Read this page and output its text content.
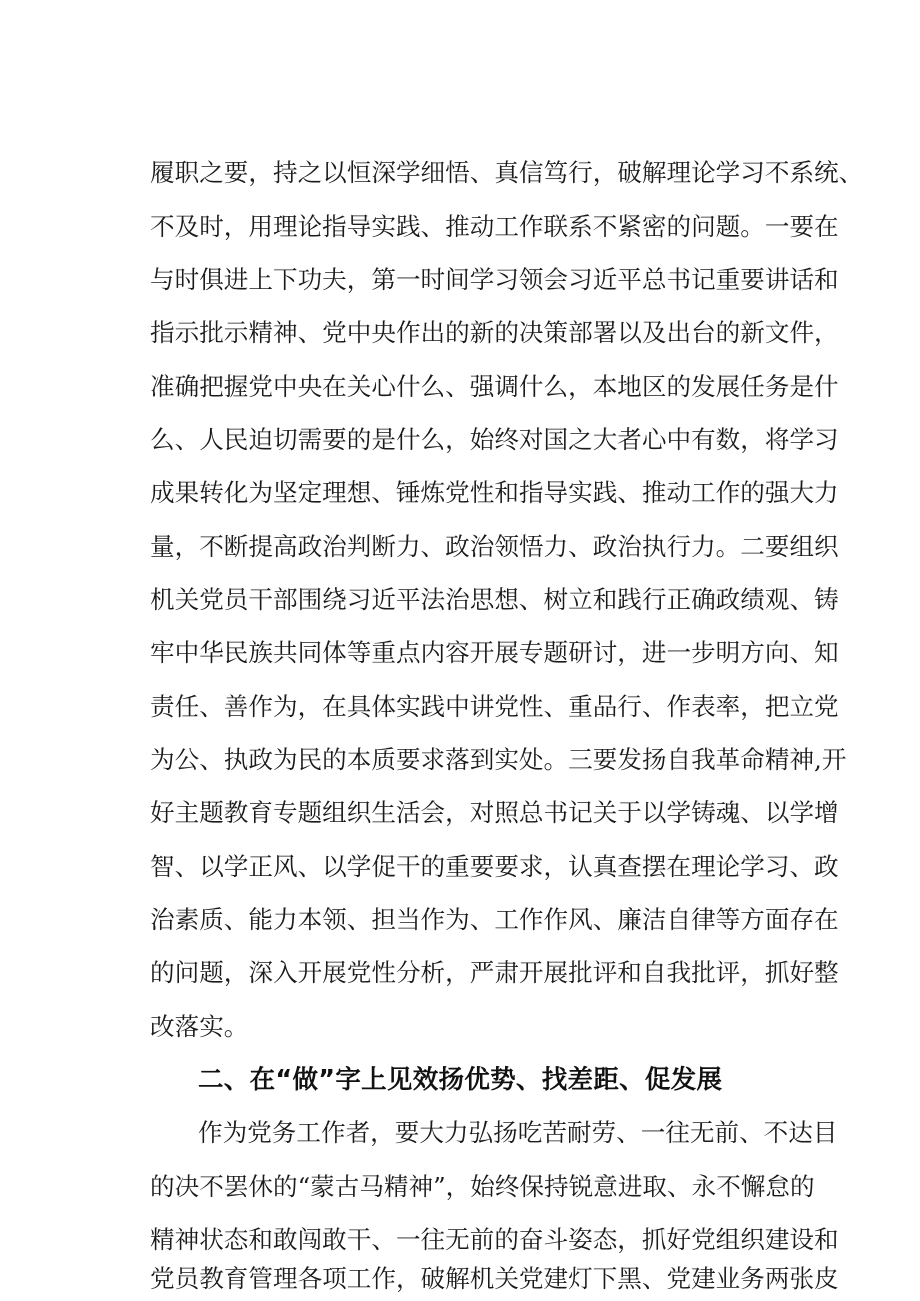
履职之要，持之以恒深学细悟、真信笃行，破解理论学习不系统、
不及时，用理论指导实践、推动工作联系不紧密的问题。一要在
与时俱进上下功夫，第一时间学习领会习近平总书记重要讲话和
指示批示精神、党中央作出的新的决策部署以及出台的新文件，
准确把握党中央在关心什么、强调什么，本地区的发展任务是什
么、人民迫切需要的是什么，始终对国之大者心中有数，将学习
成果转化为坚定理想、锤炼党性和指导实践、推动工作的强大力
量，不断提高政治判断力、政治领悟力、政治执行力。二要组织
机关党员干部围绕习近平法治思想、树立和践行正确政绩观、铸
牢中华民族共同体等重点内容开展专题研讨，进一步明方向、知
责任、善作为，在具体实践中讲党性、重品行、作表率，把立党
为公、执政为民的本质要求落到实处。三要发扬自我革命精神,开
好主题教育专题组织生活会，对照总书记关于以学铸魂、以学增
智、以学正风、以学促干的重要要求，认真查摆在理论学习、政
治素质、能力本领、担当作为、工作作风、廉洁自律等方面存在
的问题，深入开展党性分析，严肃开展批评和自我批评，抓好整
改落实。
二、在“做”字上见效扬优势、找差距、促发展
作为党务工作者，要大力弘扬吃苦耐劳、一往无前、不达目
的决不罢休的“蒙古马精神”，始终保持锐意进取、永不懈怠的
精神状态和敢闯敢干、一往无前的奋斗姿态，抓好党组织建设和
党员教育管理各项工作，破解机关党建灯下黑、党建业务两张皮
